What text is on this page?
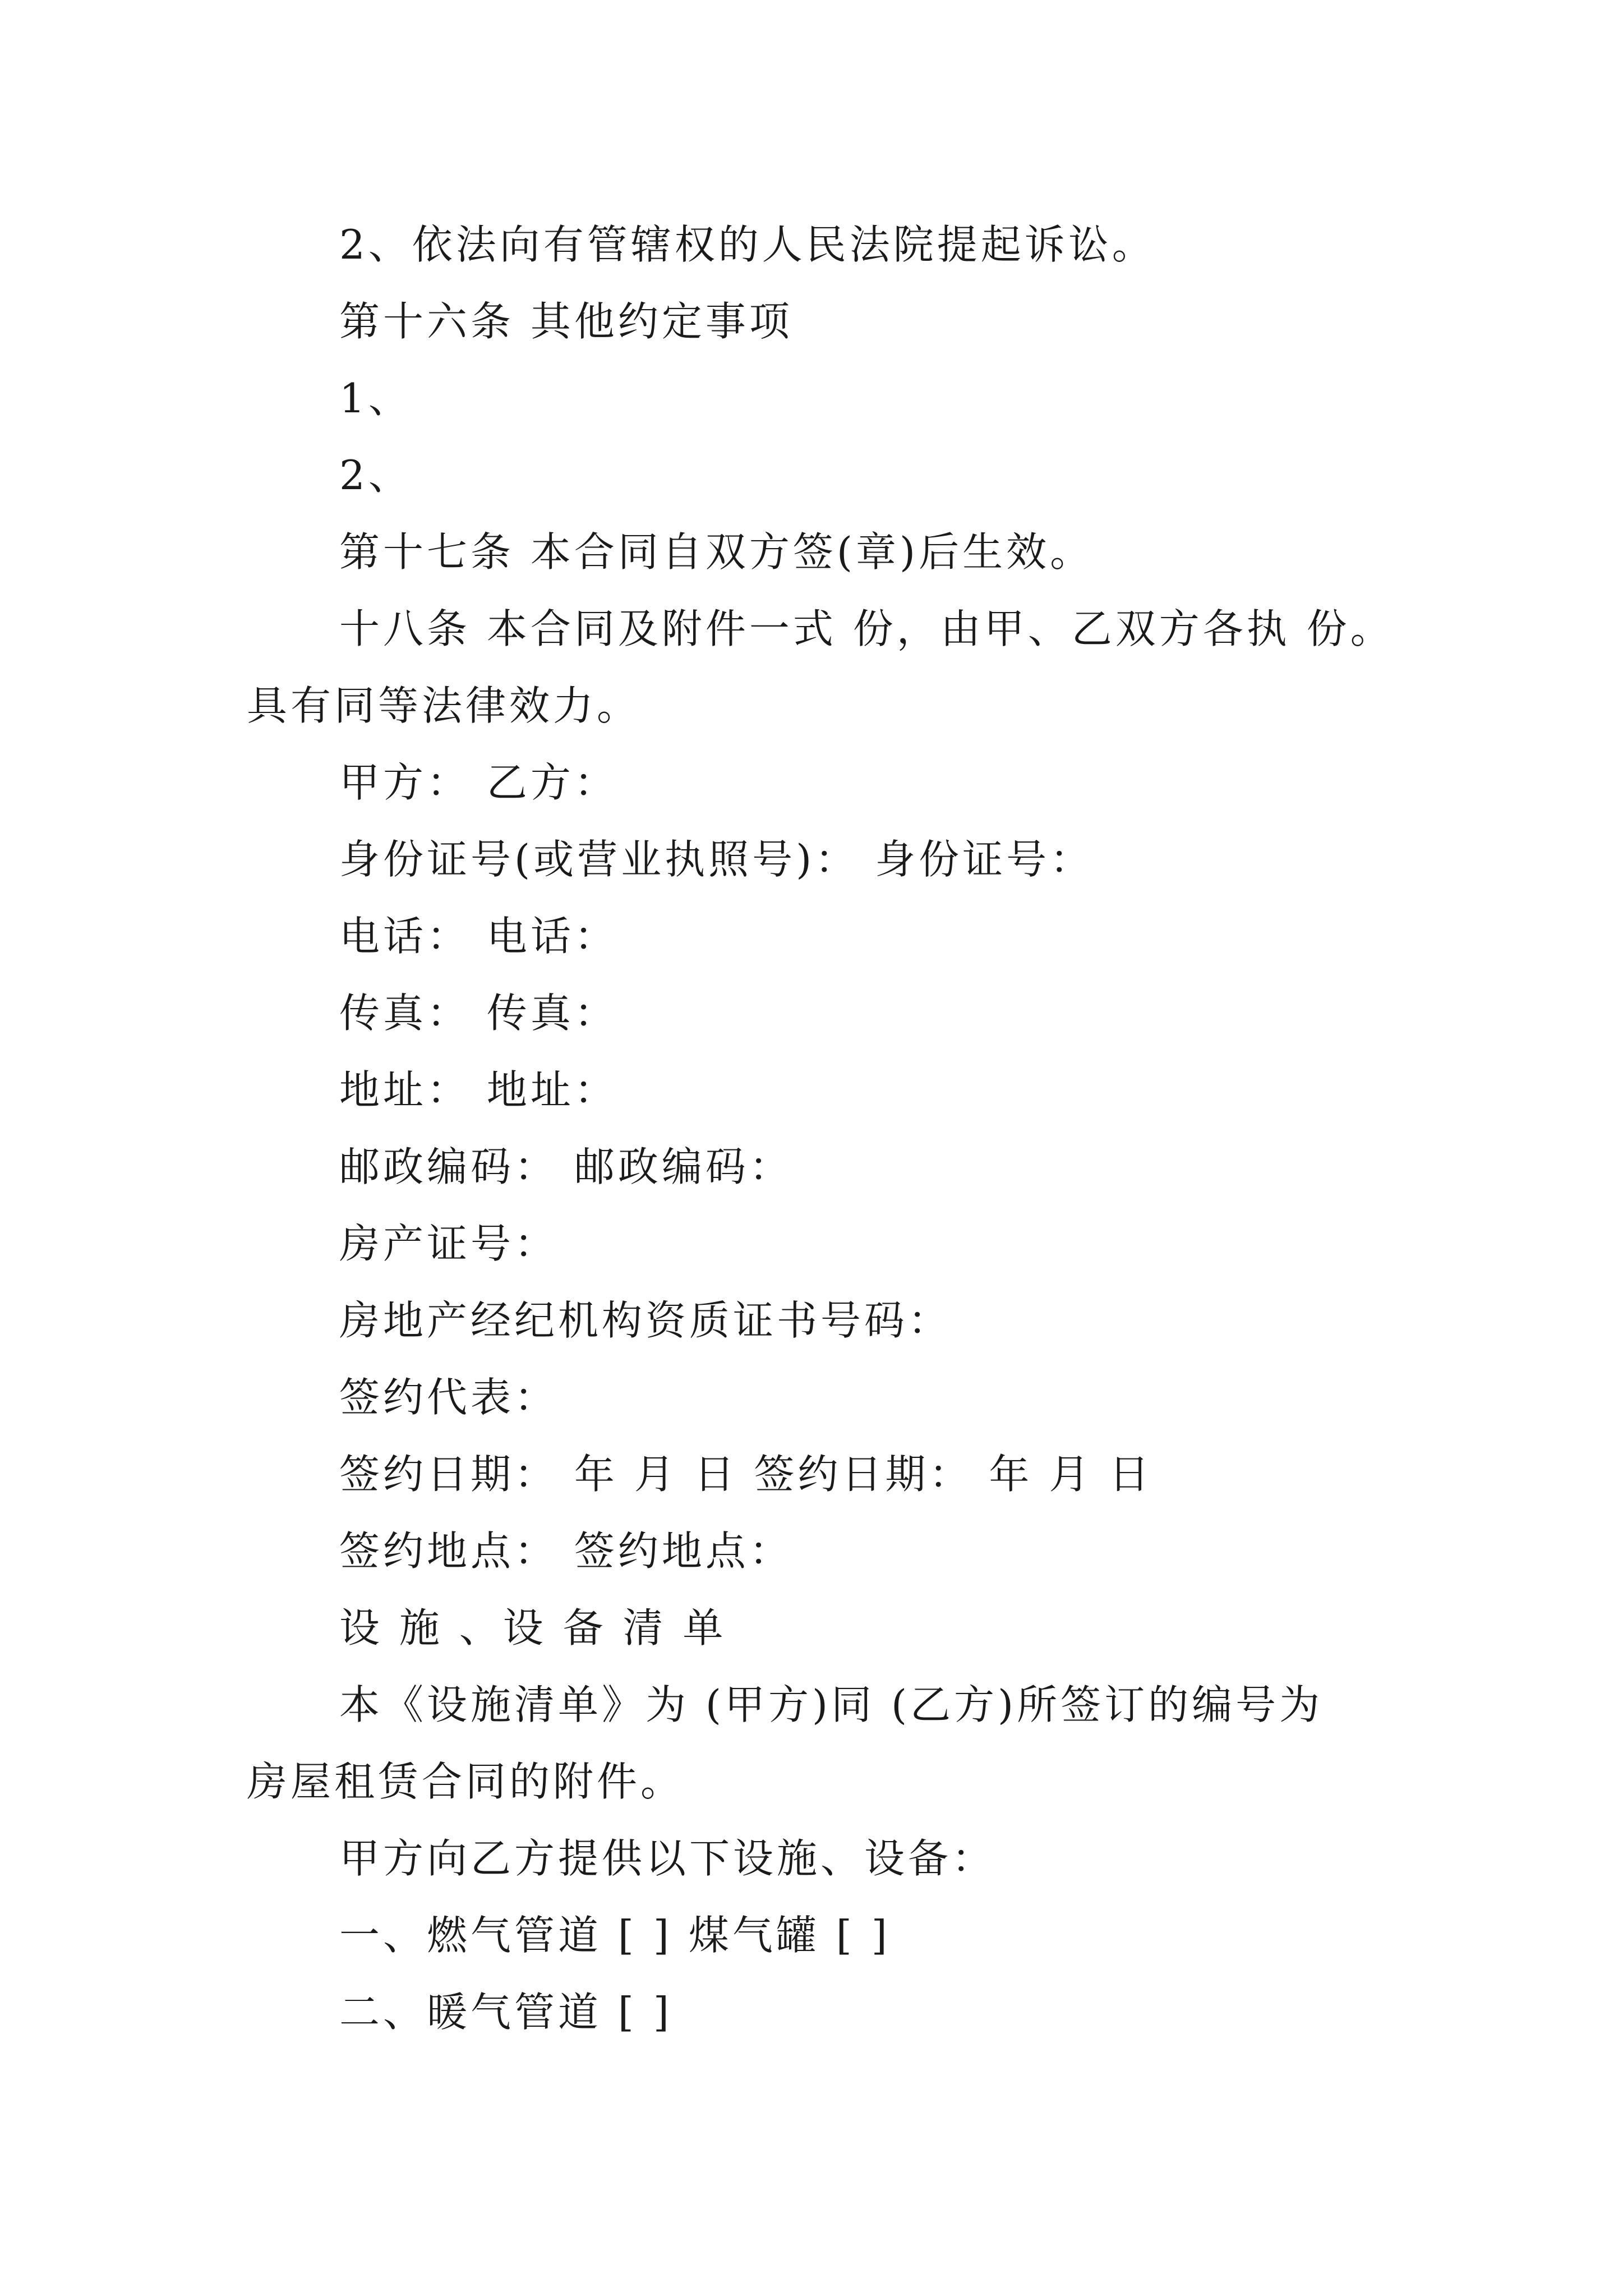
2、依法向有管辖权的人民法院提起诉讼。
第十六条 其他约定事项
1、
2、
第十七条 本合同自双方签(章)后生效。
十八条 本合同及附件一式 份，由甲、乙双方各执 份。
具有同等法律效力。
甲方： 乙方：
身份证号(或营业执照号)： 身份证号：
电话： 电话：
传真： 传真：
地址： 地址：
邮政编码： 邮政编码：
房产证号：
房地产经纪机构资质证书号码：
签约代表：
签约日期： 年 月 日 签约日期： 年 月 日
签约地点： 签约地点：
设 施 、设 备 清 单
本《设施清单》为 (甲方)同 (乙方)所签订的编号为
房屋租赁合同的附件。
甲方向乙方提供以下设施、设备：
一、燃气管道 [ ] 煤气罐 [ ]
二、暖气管道 [ ]
